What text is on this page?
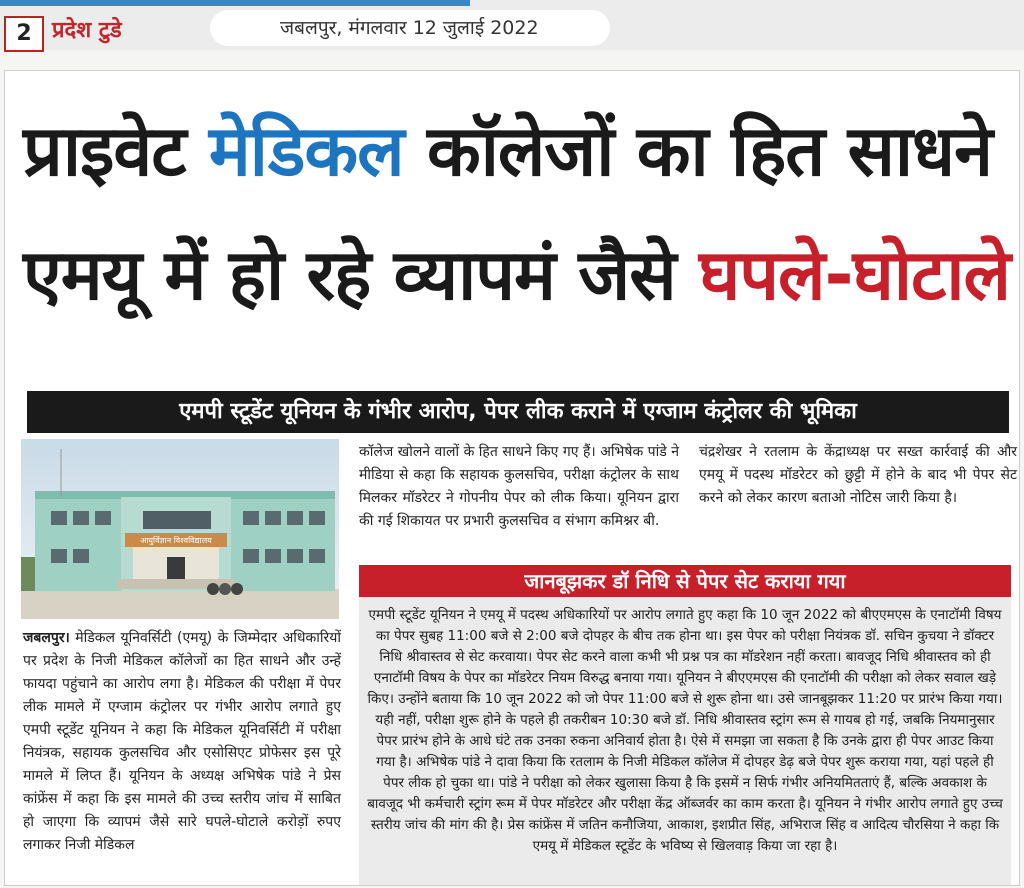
2 प्रदेश टुडे	जबलपुर, मंगलवार 12 जुलाई 2022
प्राइवेट मेडिकल कॉलेजों का हित साधने
एमयू में हो रहे व्यापमं जैसे घपले-घोटाले
एमपी स्टूडेंट यूनियन के गंभीर आरोप, पेपर लीक कराने में एग्जाम कंट्रोलर की भूमिका
आयुर्विज्ञान विश्वविद्यालय
जबलपुर। मेडिकल यूनिवर्सिटी (एमयू) के जिम्मेदार अधिकारियों पर प्रदेश के निजी मेडिकल कॉलेजों का हित साधने और उन्हें फायदा पहुंचाने का आरोप लगा है। मेडिकल की परीक्षा में पेपर लीक मामले में एग्जाम कंट्रोलर पर गंभीर आरोप लगाते हुए एमपी स्टूडेंट यूनियन ने कहा कि मेडिकल यूनिवर्सिटी में परीक्षा नियंत्रक, सहायक कुलसचिव और एसोसिएट प्रोफेसर इस पूरे मामले में लिप्त हैं। यूनियन के अध्यक्ष अभिषेक पांडे ने प्रेस कांफ्रेंस में कहा कि इस मामले की उच्च स्तरीय जांच में साबित हो जाएगा कि व्यापमं जैसे सारे घपले-घोटाले करोड़ों रुपए लगाकर निजी मेडिकल
कॉलेज खोलने वालों के हित साधने किए गए हैं। अभिषेक पांडे ने मीडिया से कहा कि सहायक कुलसचिव, परीक्षा कंट्रोलर के साथ मिलकर मॉडरेटर ने गोपनीय पेपर को लीक किया। यूनियन द्वारा की गई शिकायत पर प्रभारी कुलसचिव व संभाग कमिश्नर बी.
चंद्रशेखर ने रतलाम के केंद्राध्यक्ष पर सख्त कार्रवाई की और एमयू में पदस्थ मॉडरेटर को छुट्टी में होने के बाद भी पेपर सेट करने को लेकर कारण बताओ नोटिस जारी किया है।
जानबूझकर डॉ निधि से पेपर सेट कराया गया
एमपी स्टूडेंट यूनियन ने एमयू में पदस्थ अधिकारियों पर आरोप लगाते हुए कहा कि 10 जून 2022 को बीएएमएस के एनाटॉमी विषय का पेपर सुबह 11:00 बजे से 2:00 बजे दोपहर के बीच तक होना था। इस पेपर को परीक्षा नियंत्रक डॉ. सचिन कुचया ने डॉक्टर निधि श्रीवास्तव से सेट करवाया। पेपर सेट करने वाला कभी भी प्रश्न पत्र का मॉडरेशन नहीं करता। बावजूद निधि श्रीवास्तव को ही एनाटॉमी विषय के पेपर का मॉडरेटर नियम विरुद्ध बनाया गया। यूनियन ने बीएएमएस की एनाटॉमी की परीक्षा को लेकर सवाल खड़े किए। उन्होंने बताया कि 10 जून 2022 को जो पेपर 11:00 बजे से शुरू होना था। उसे जानबूझकर 11:20 पर प्रारंभ किया गया। यही नहीं, परीक्षा शुरू होने के पहले ही तकरीबन 10:30 बजे डॉ. निधि श्रीवास्तव स्ट्रांग रूम से गायब हो गई, जबकि नियमानुसार पेपर प्रारंभ होने के आधे घंटे तक उनका रुकना अनिवार्य होता है। ऐसे में समझा जा सकता है कि उनके द्वारा ही पेपर आउट किया गया है। अभिषेक पांडे ने दावा किया कि रतलाम के निजी मेडिकल कॉलेज में दोपहर डेढ़ बजे पेपर शुरू कराया गया, यहां पहले ही पेपर लीक हो चुका था। पांडे ने परीक्षा को लेकर खुलासा किया है कि इसमें न सिर्फ गंभीर अनियमितताएं हैं, बल्कि अवकाश के बावजूद भी कर्मचारी स्ट्रांग रूम में पेपर मॉडरेटर और परीक्षा केंद्र ऑब्जर्वर का काम करता है। यूनियन ने गंभीर आरोप लगाते हुए उच्च स्तरीय जांच की मांग की है। प्रेस कांफ्रेंस में जतिन कनौजिया, आकाश, इशप्रीत सिंह, अभिराज सिंह व आदित्य चौरसिया ने कहा कि एमयू में मेडिकल स्टूडेंट के भविष्य से खिलवाड़ किया जा रहा है।
